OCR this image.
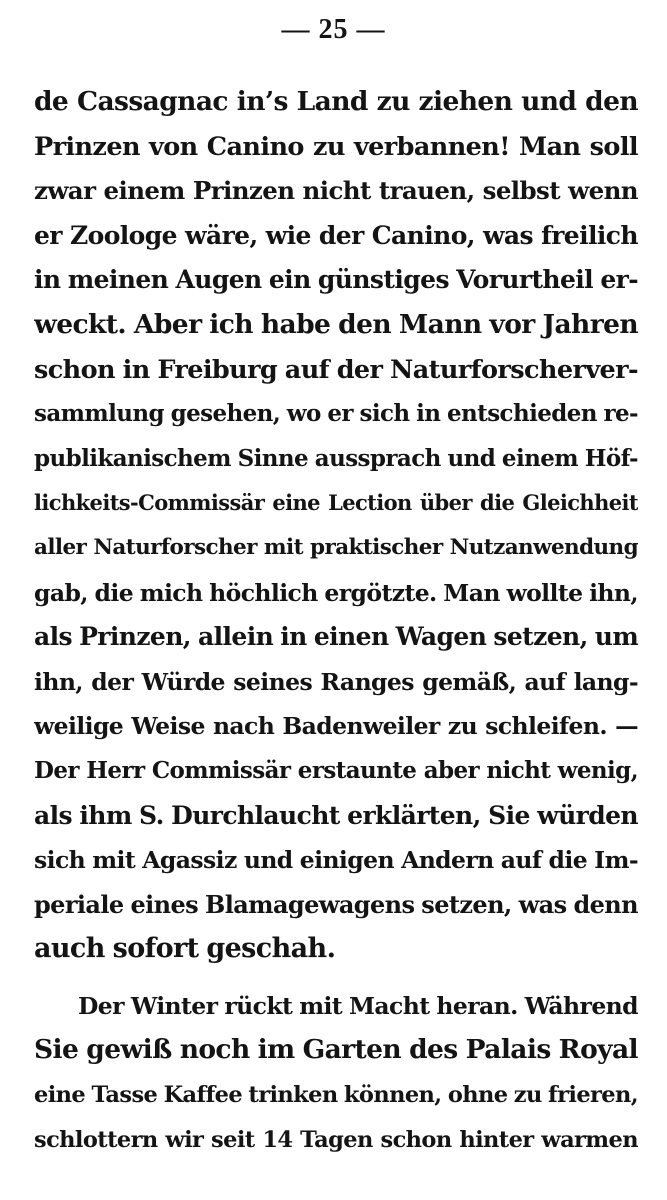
— 25 —
de Cassagnac in’s Land zu ziehen und den
Prinzen von Canino zu verbannen! Man soll
zwar einem Prinzen nicht trauen, selbst wenn
er Zoologe wäre, wie der Canino, was freilich
in meinen Augen ein günstiges Vorurtheil er-
weckt. Aber ich habe den Mann vor Jahren
schon in Freiburg auf der Naturforscherver-
sammlung gesehen, wo er sich in entschieden re-
publikanischem Sinne aussprach und einem Höf-
lichkeits-Commissär eine Lection über die Gleichheit
aller Naturforscher mit praktischer Nutzanwendung
gab, die mich höchlich ergötzte. Man wollte ihn,
als Prinzen, allein in einen Wagen setzen, um
ihn, der Würde seines Ranges gemäß, auf lang-
weilige Weise nach Badenweiler zu schleifen. —
Der Herr Commissär erstaunte aber nicht wenig,
als ihm S. Durchlaucht erklärten, Sie würden
sich mit Agassiz und einigen Andern auf die Im-
periale eines Blamagewagens setzen, was denn
auch sofort geschah.
Der Winter rückt mit Macht heran. Während
Sie gewiß noch im Garten des Palais Royal
eine Tasse Kaffee trinken können, ohne zu frieren,
schlottern wir seit 14 Tagen schon hinter warmen
